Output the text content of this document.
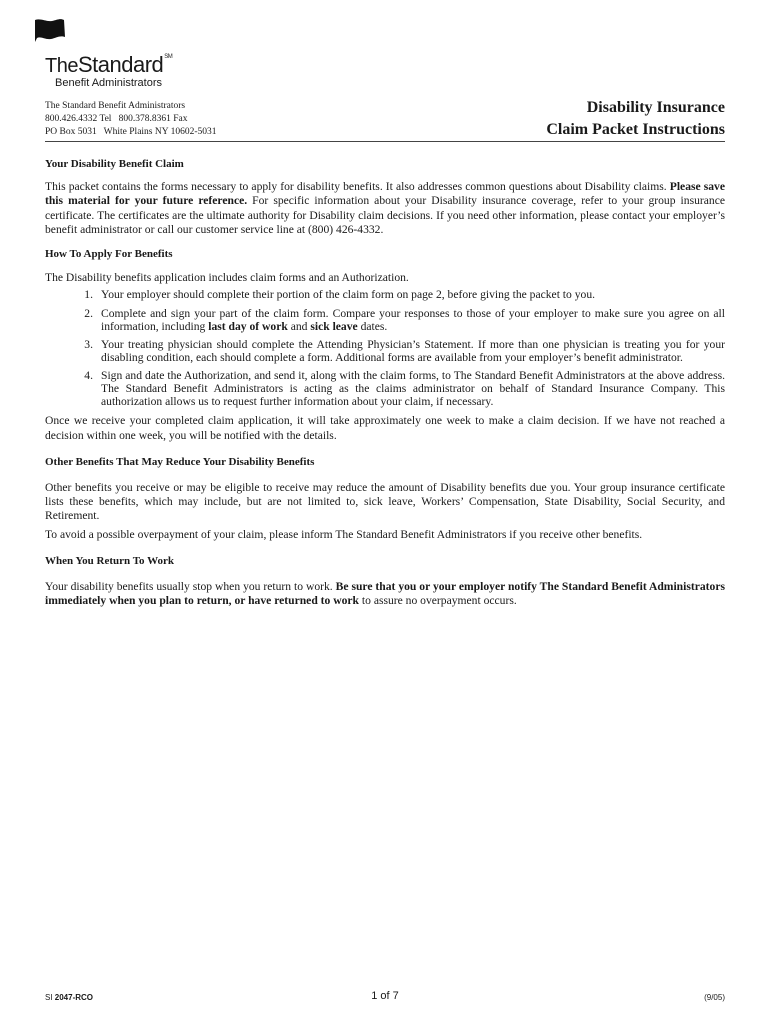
TheStandard℠
Benefit Administrators
The Standard Benefit Administrators
800.426.4332 Tel   800.378.8361 Fax
PO Box 5031   White Plains NY 10602-5031
Disability Insurance
Claim Packet Instructions
Your Disability Benefit Claim

This packet contains the forms necessary to apply for disability benefits. It also addresses common questions about Disability claims. Please save this material for your future reference. For specific information about your Disability insurance coverage, refer to your group insurance certificate. The certificates are the ultimate authority for Disability claim decisions. If you need other information, please contact your employer’s benefit administrator or call our customer service line at (800) 426-4332.

How To Apply For Benefits

The Disability benefits application includes claim forms and an Authorization.

1. Your employer should complete their portion of the claim form on page 2, before giving the packet to you.
2. Complete and sign your part of the claim form. Compare your responses to those of your employer to make sure you agree on all information, including last day of work and sick leave dates.
3. Your treating physician should complete the Attending Physician’s Statement. If more than one physician is treating you for your disabling condition, each should complete a form. Additional forms are available from your employer’s benefit administrator.
4. Sign and date the Authorization, and send it, along with the claim forms, to The Standard Benefit Administrators at the above address. The Standard Benefit Administrators is acting as the claims administrator on behalf of Standard Insurance Company. This authorization allows us to request further information about your claim, if necessary.

Once we receive your completed claim application, it will take approximately one week to make a claim decision. If we have not reached a decision within one week, you will be notified with the details.

Other Benefits That May Reduce Your Disability Benefits

Other benefits you receive or may be eligible to receive may reduce the amount of Disability benefits due you. Your group insurance certificate lists these benefits, which may include, but are not limited to, sick leave, Workers’ Compensation, State Disability, Social Security, and Retirement.

To avoid a possible overpayment of your claim, please inform The Standard Benefit Administrators if you receive other benefits.

When You Return To Work

Your disability benefits usually stop when you return to work. Be sure that you or your employer notify The Standard Benefit Administrators immediately when you plan to return, or have returned to work to assure no overpayment occurs.

SI 2047-RCO	1 of 7	(9/05)
